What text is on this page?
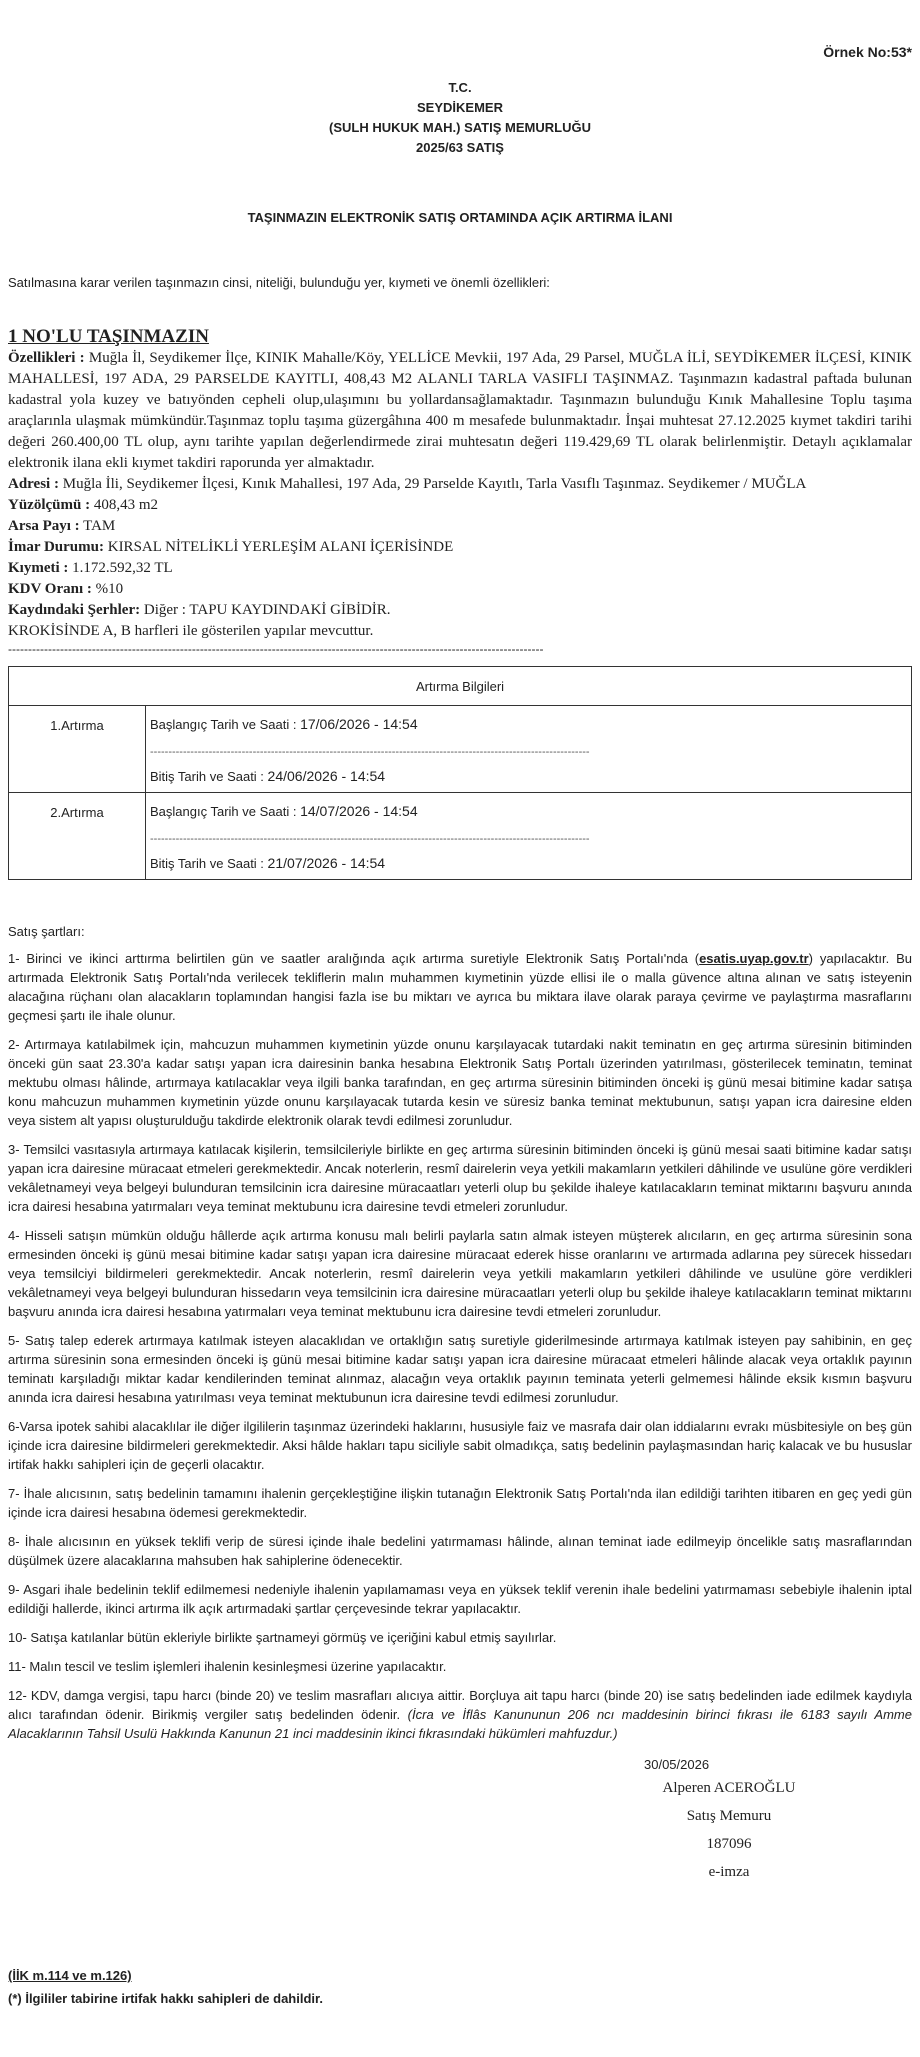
Örnek No:53*
T.C.
SEYDİKEMER
(SULH HUKUK MAH.) SATIŞ MEMURLUĞU
2025/63 SATIŞ
TAŞINMAZIN ELEKTRONİK SATIŞ ORTAMINDA AÇIK ARTIRMA İLANI
Satılmasına karar verilen taşınmazın cinsi, niteliği, bulunduğu yer, kıymeti ve önemli özellikleri:
1 NO'LU TAŞINMAZIN
Özellikleri : Muğla İl, Seydikemer İlçe, KINIK Mahalle/Köy, YELLİCE Mevkii, 197 Ada, 29 Parsel, MUĞLA İLİ, SEYDİKEMER İLÇESİ, KINIK MAHALLESİ, 197 ADA, 29 PARSELDE KAYITLI, 408,43 M2 ALANLI TARLA VASIFLI TAŞINMAZ. Taşınmazın kadastral paftada bulunan kadastral yola kuzey ve batıyönden cepheli olup,ulaşımını bu yollardansağlamaktadır. Taşınmazın bulunduğu Kınık Mahallesine Toplu taşıma araçlarınla ulaşmak mümkündür.Taşınmaz toplu taşıma güzergâhına 400 m mesafede bulunmaktadır. İnşai muhtesat 27.12.2025 kıymet takdiri tarihi değeri 260.400,00 TL olup, aynı tarihte yapılan değerlendirmede zirai muhtesatın değeri 119.429,69 TL olarak belirlenmiştir. Detaylı açıklamalar elektronik ilana ekli kıymet takdiri raporunda yer almaktadır.
Adresi : Muğla İli, Seydikemer İlçesi, Kınık Mahallesi, 197 Ada, 29 Parselde Kayıtlı, Tarla Vasıflı Taşınmaz. Seydikemer / MUĞLA
Yüzölçümü : 408,43 m2
Arsa Payı : TAM
İmar Durumu: KIRSAL NİTELİKLİ YERLEŞİM ALANI İÇERİSİNDE
Kıymeti : 1.172.592,32 TL
KDV Oranı : %10
Kaydındaki Şerhler: Diğer : TAPU KAYDINDAKİ GİBİDİR.
KROKİSİNDE A, B harfleri ile gösterilen yapılar mevcuttur.
--------------------------------------------------------------------------------------------------------------------------------------
Artırma Bilgileri	
1.Artırma	Başlangıç Tarih ve Saati : 17/06/2026 - 14:54
------------------------------------------------------------------------------------------------------------------------
Bitiş Tarih ve Saati : 24/06/2026 - 14:54

2.Artırma	Başlangıç Tarih ve Saati : 14/07/2026 - 14:54
------------------------------------------------------------------------------------------------------------------------
Bitiş Tarih ve Saati : 21/07/2026 - 14:54
Satış şartları:
1- Birinci ve ikinci arttırma belirtilen gün ve saatler aralığında açık artırma suretiyle Elektronik Satış Portalı'nda (esatis.uyap.gov.tr) yapılacaktır. Bu artırmada Elektronik Satış Portalı'nda verilecek tekliflerin malın muhammen kıymetinin yüzde ellisi ile o malla güvence altına alınan ve satış isteyenin alacağına rüçhanı olan alacakların toplamından hangisi fazla ise bu miktarı ve ayrıca bu miktara ilave olarak paraya çevirme ve paylaştırma masraflarını geçmesi şartı ile ihale olunur.
2- Artırmaya katılabilmek için, mahcuzun muhammen kıymetinin yüzde onunu karşılayacak tutardaki nakit teminatın en geç artırma süresinin bitiminden önceki gün saat 23.30'a kadar satışı yapan icra dairesinin banka hesabına Elektronik Satış Portalı üzerinden yatırılması, gösterilecek teminatın, teminat mektubu olması hâlinde, artırmaya katılacaklar veya ilgili banka tarafından, en geç artırma süresinin bitiminden önceki iş günü mesai bitimine kadar satışa konu mahcuzun muhammen kıymetinin yüzde onunu karşılayacak tutarda kesin ve süresiz banka teminat mektubunun, satışı yapan icra dairesine elden veya sistem alt yapısı oluşturulduğu takdirde elektronik olarak tevdi edilmesi zorunludur.
3- Temsilci vasıtasıyla artırmaya katılacak kişilerin, temsilcileriyle birlikte en geç artırma süresinin bitiminden önceki iş günü mesai saati bitimine kadar satışı yapan icra dairesine müracaat etmeleri gerekmektedir. Ancak noterlerin, resmî dairelerin veya yetkili makamların yetkileri dâhilinde ve usulüne göre verdikleri vekâletnameyi veya belgeyi bulunduran temsilcinin icra dairesine müracaatları yeterli olup bu şekilde ihaleye katılacakların teminat miktarını başvuru anında icra dairesi hesabına yatırmaları veya teminat mektubunu icra dairesine tevdi etmeleri zorunludur.
4- Hisseli satışın mümkün olduğu hâllerde açık artırma konusu malı belirli paylarla satın almak isteyen müşterek alıcıların, en geç artırma süresinin sona ermesinden önceki iş günü mesai bitimine kadar satışı yapan icra dairesine müracaat ederek hisse oranlarını ve artırmada adlarına pey sürecek hissedarı veya temsilciyi bildirmeleri gerekmektedir. Ancak noterlerin, resmî dairelerin veya yetkili makamların yetkileri dâhilinde ve usulüne göre verdikleri vekâletnameyi veya belgeyi bulunduran hissedarın veya temsilcinin icra dairesine müracaatları yeterli olup bu şekilde ihaleye katılacakların teminat miktarını başvuru anında icra dairesi hesabına yatırmaları veya teminat mektubunu icra dairesine tevdi etmeleri zorunludur.
5- Satış talep ederek artırmaya katılmak isteyen alacaklıdan ve ortaklığın satış suretiyle giderilmesinde artırmaya katılmak isteyen pay sahibinin, en geç artırma süresinin sona ermesinden önceki iş günü mesai bitimine kadar satışı yapan icra dairesine müracaat etmeleri hâlinde alacak veya ortaklık payının teminatı karşıladığı miktar kadar kendilerinden teminat alınmaz, alacağın veya ortaklık payının teminata yeterli gelmemesi hâlinde eksik kısmın başvuru anında icra dairesi hesabına yatırılması veya teminat mektubunun icra dairesine tevdi edilmesi zorunludur.
6-Varsa ipotek sahibi alacaklılar ile diğer ilgililerin taşınmaz üzerindeki haklarını, hususiyle faiz ve masrafa dair olan iddialarını evrakı müsbitesiyle on beş gün içinde icra dairesine bildirmeleri gerekmektedir. Aksi hâlde hakları tapu siciliyle sabit olmadıkça, satış bedelinin paylaşmasından hariç kalacak ve bu hususlar irtifak hakkı sahipleri için de geçerli olacaktır.
7- İhale alıcısının, satış bedelinin tamamını ihalenin gerçekleştiğine ilişkin tutanağın Elektronik Satış Portalı'nda ilan edildiği tarihten itibaren en geç yedi gün içinde icra dairesi hesabına ödemesi gerekmektedir.
8- İhale alıcısının en yüksek teklifi verip de süresi içinde ihale bedelini yatırmaması hâlinde, alınan teminat iade edilmeyip öncelikle satış masraflarından düşülmek üzere alacaklarına mahsuben hak sahiplerine ödenecektir.
9- Asgari ihale bedelinin teklif edilmemesi nedeniyle ihalenin yapılamaması veya en yüksek teklif verenin ihale bedelini yatırmaması sebebiyle ihalenin iptal edildiği hallerde, ikinci artırma ilk açık artırmadaki şartlar çerçevesinde tekrar yapılacaktır.
10- Satışa katılanlar bütün ekleriyle birlikte şartnameyi görmüş ve içeriğini kabul etmiş sayılırlar.
11- Malın tescil ve teslim işlemleri ihalenin kesinleşmesi üzerine yapılacaktır.
12- KDV, damga vergisi, tapu harcı (binde 20) ve teslim masrafları alıcıya aittir. Borçluya ait tapu harcı (binde 20) ise satış bedelinden iade edilmek kaydıyla alıcı tarafından ödenir. Birikmiş vergiler satış bedelinden ödenir. (İcra ve İflâs Kanununun 206 ncı maddesinin birinci fıkrası ile 6183 sayılı Amme Alacaklarının Tahsil Usulü Hakkında Kanunun 21 inci maddesinin ikinci fıkrasındaki hükümleri mahfuzdur.)
30/05/2026
Alperen ACEROĞLU
Satış Memuru
187096
e-imza
(İİK m.114 ve m.126)
(*) İlgililer tabirine irtifak hakkı sahipleri de dahildir.
